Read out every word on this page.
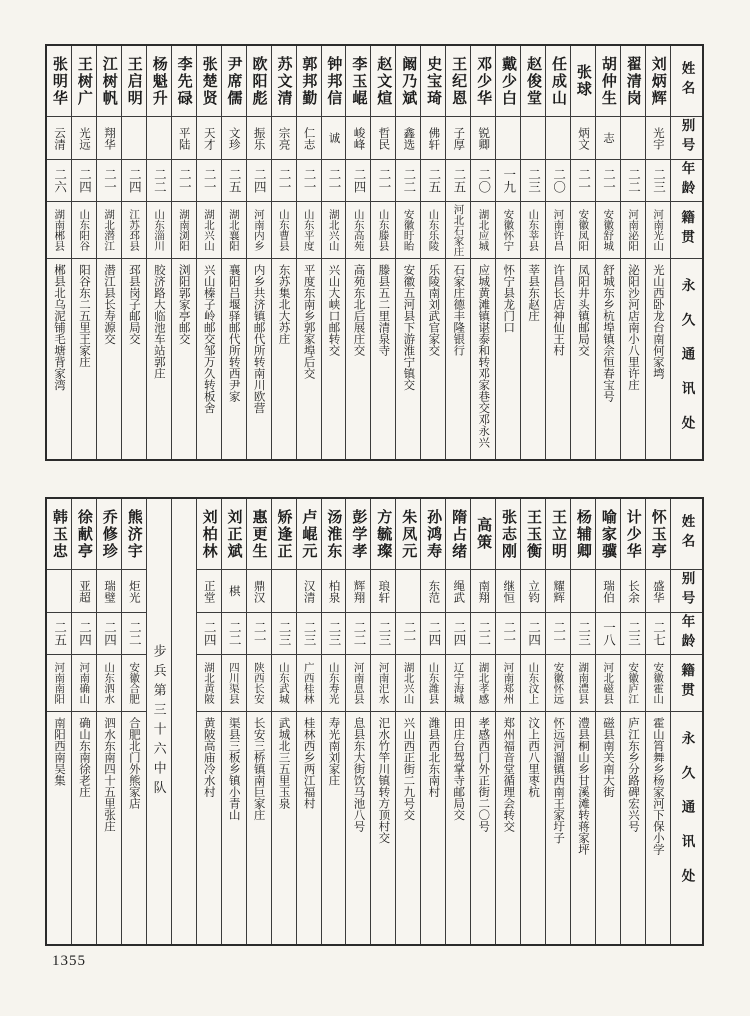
姓名
别号
年龄
籍贯
永久通讯处
刘炳辉
光宇
二三
河南光山
光山西卧龙台南何家塆
翟清岗
二二
河南泌阳
泌阳沙河店南小八里许庄
胡仲生
志
二一
安徽舒城
舒城东乡杭埠镇佘恒春宝号
张球
炳文
二一
安徽凤阳
凤阳井头镇邮局交
任成山
二〇
河南许昌
许昌长店神仙王村
赵俊堂
二三
山东莘县
莘县东赵庄
戴少白
一九
安徽怀宁
怀宁县龙门口
邓少华
锐卿
二〇
湖北应城
应城黄滩镇谌泰和转邓家巷交邓永兴
王纪恩
子厚
二五
河北石家庄
石家庄德丰隆银行
史宝琦
佛轩
二五
山东乐陵
乐陵南刘武官家交
阚乃斌
鑫选
二二
安徽盱眙
安徽五河县下游淮宁镇交
赵文煊
哲民
二一
山东滕县
滕县五二里清泉寺
李玉崐
峻峰
二四
山东高苑
高苑东北后展庄交
钟邦信
诚
二一
湖北兴山
兴山大峡口邮转交
郭邦勤
仁志
二一
山东平度
平度东南乡郭家埠后交
苏文清
宗亮
二一
山东曹县
东苏集北大苏庄
欧阳彪
振乐
二四
河南内乡
内乡共济镇邮代所转南川欧营
尹席儒
文珍
二五
湖北襄阳
襄阳吕堰驿邮代所转西尹家
张楚贤
天才
二一
湖北兴山
兴山榛子岭邮交邹万久转板舍
李先碌
平陆
二一
湖南浏阳
浏阳郭家亭邮交
杨魁升
二二
山东淄川
胶济路大临池车站郭庄
王启明
二四
江苏邳县
邳县岗子邮局交
江树帆
翔华
二一
湖北潜江
潜江县长寿源交
王树广
光远
二四
山东阳谷
阳谷东二五里王家庄
张明华
云清
二六
湖南郴县
郴县北乌泥铺毛塘背家湾
姓名
别号
年龄
籍贯
永久通讯处
怀玉亭
盛华
二七
安徽霍山
霍山筲舞乡杨家河下保小学
计少华
长余
二三
安徽庐江
庐江东乡分路碑宏兴号
喻家骥
瑞伯
一八
河北磁县
磁县南关南大街
杨辅卿
二三
湖南澧县
澧县桐山乡甘溪滩转蒋家坪
王立明
耀辉
二一
安徽怀远
怀远河溜镇西南王家圩子
王玉衡
立钧
二四
山东汶上
汶上西八里枣杭
张志刚
继恒
二一
河南郑州
郑州福音堂循理会转交
高策
南翔
二二
湖北孝感
孝感西门外正街二〇号
隋占绪
绳武
二四
辽宁海城
田庄台驾掌寺邮局交
孙鸿寿
东范
二四
山东潍县
潍县西北东南村
朱凤元
二一
湖北兴山
兴山西正街二九号交
方毓璨
琅轩
二三
河南汜水
汜水竹竿川镇转方顶村交
彭学孝
辉翔
二二
河南息县
息县东大街饮马池八号
汤淮东
柏泉
二三
山东寿光
寿光南刘家庄
卢崐元
汉清
二三
广西桂林
桂林西乡两江福村
矫逢正
二三
山东武城
武城北三五里玉泉
惠更生
鼎汉
二一
陕西长安
长安三桥镇南巨家庄
刘正斌
棋
二二
四川渠县
渠县三板乡镇小青山
刘柏林
正堂
二四
湖北黄陂
黄陂高庙冷水村
步兵第三十六中队
熊济宇
炬光
二二
安徽合肥
合肥北门外熊家店
乔修珍
瑞璧
二四
山东泗水
泗水东南四十五里张庄
徐献亭
亚超
二四
河南确山
确山东南徐老庄
韩玉忠
二五
河南南阳
南阳西南吴集
1355
